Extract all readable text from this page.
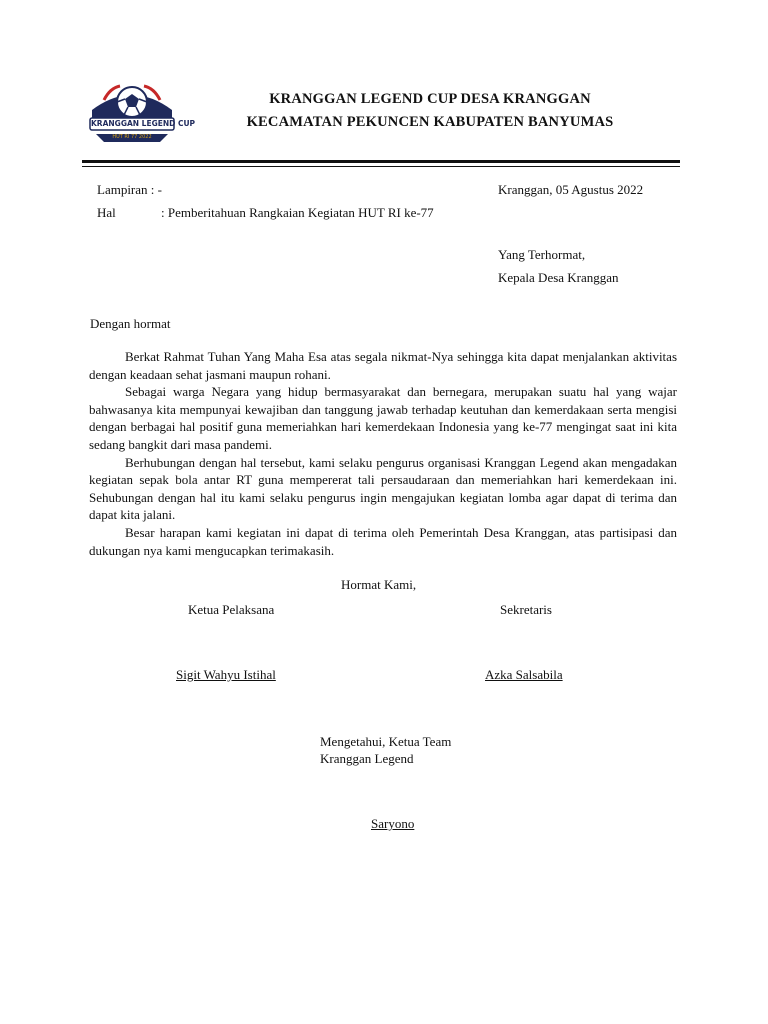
KRANGGAN LEGEND CUP
HUT RI 77 2022
KRANGGAN LEGEND CUP DESA KRANGGAN
KECAMATAN PEKUNCEN KABUPATEN BANYUMAS
Lampiran : -	Kranggan, 05 Agustus 2022
Hal	: Pemberitahuan Rangkaian Kegiatan HUT RI ke-77
Yang Terhormat,
Kepala Desa Kranggan
Dengan hormat

Berkat Rahmat Tuhan Yang Maha Esa atas segala nikmat-Nya sehingga kita dapat menjalankan aktivitas dengan keadaan sehat jasmani maupun rohani.

Sebagai warga Negara yang hidup bermasyarakat dan bernegara, merupakan suatu hal yang wajar bahwasanya kita mempunyai kewajiban dan tanggung jawab terhadap keutuhan dan kemerdakaan serta mengisi dengan berbagai hal positif guna memeriahkan hari kemerdekaan Indonesia yang ke-77 mengingat saat ini kita sedang bangkit dari masa pandemi.

Berhubungan dengan hal tersebut, kami selaku pengurus organisasi Kranggan Legend akan mengadakan kegiatan sepak bola antar RT guna mempererat tali persaudaraan dan memeriahkan hari kemerdekaan ini. Sehubungan dengan hal itu kami selaku pengurus ingin mengajukan kegiatan lomba agar dapat di terima dan dapat kita jalani.

Besar harapan kami kegiatan ini dapat di terima oleh Pemerintah Desa Kranggan, atas partisipasi dan dukungan nya kami mengucapkan terimakasih.

Hormat Kami,
Ketua Pelaksana	Sekretaris
Sigit Wahyu Istihal	Azka Salsabila
Mengetahui, Ketua Team
Kranggan Legend
Saryono
